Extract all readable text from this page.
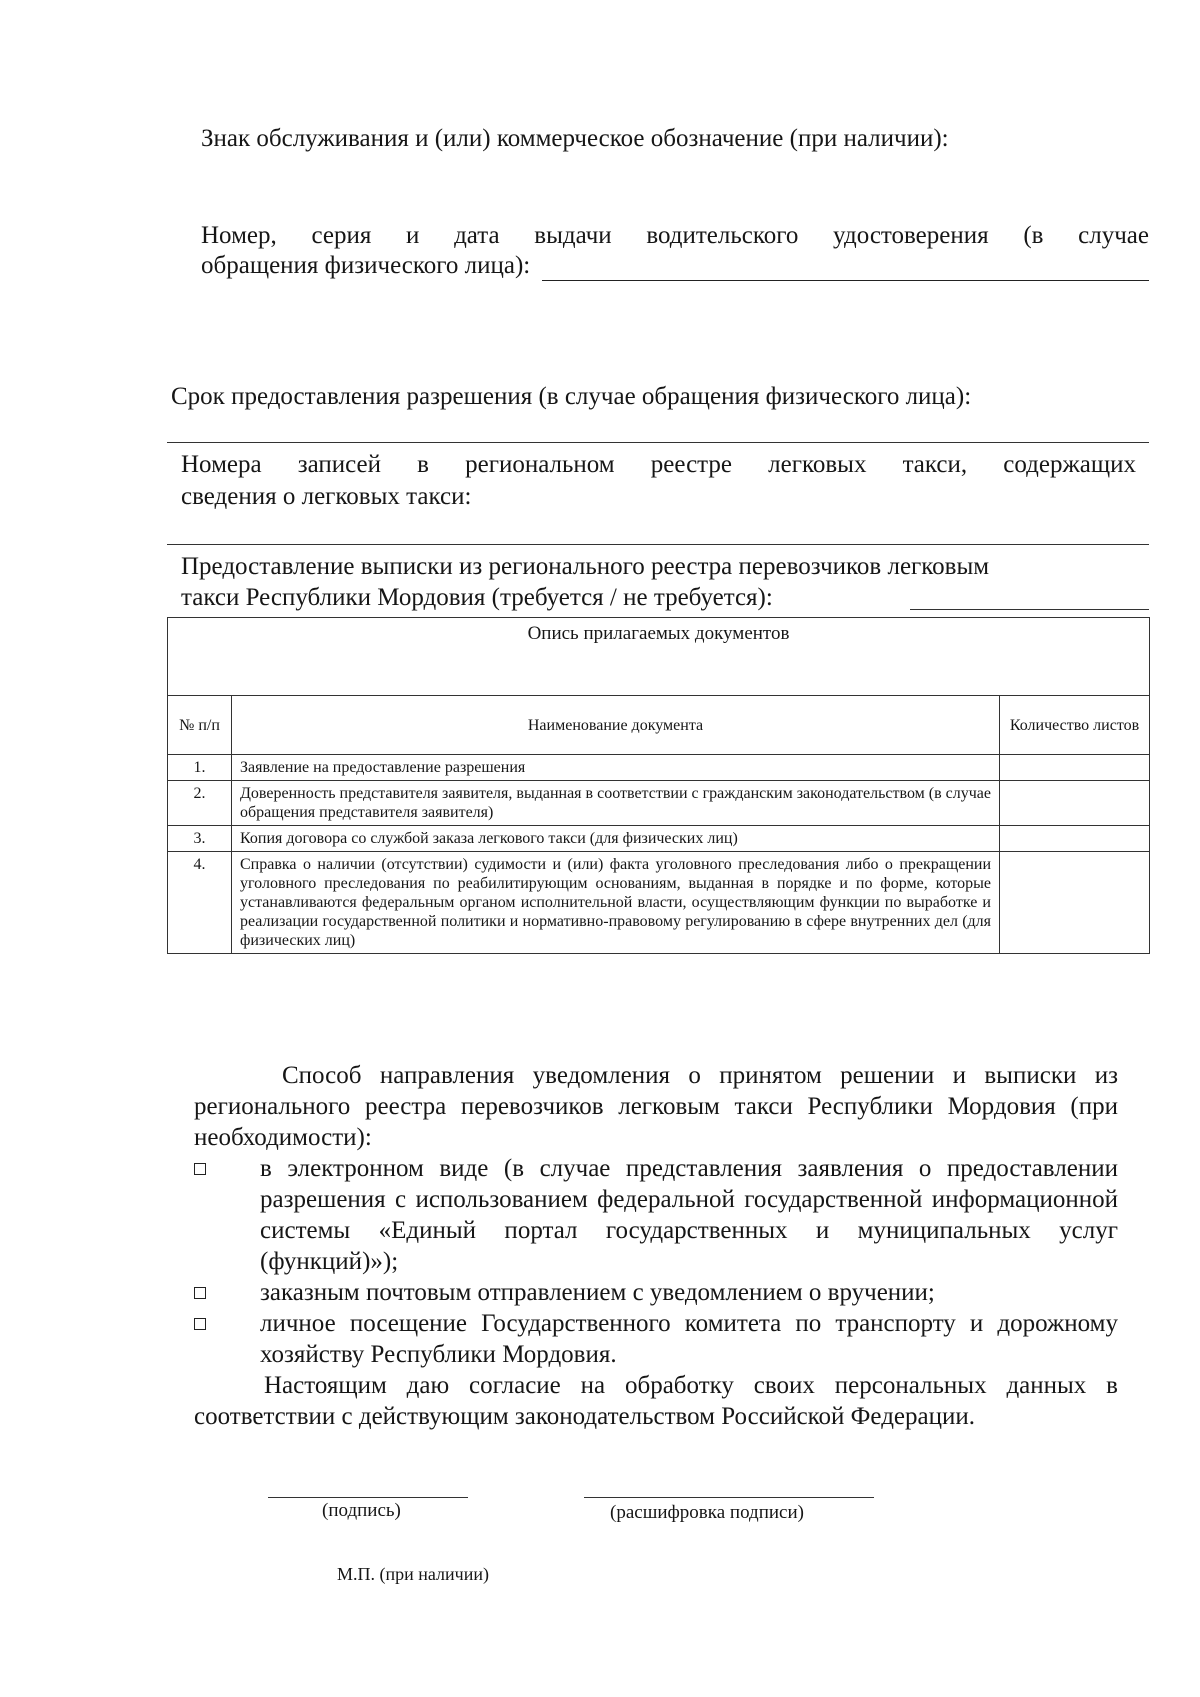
Знак обслуживания и (или) коммерческое обозначение (при наличии):

Номер, серия и дата выдачи водительского удостоверения (в случае

обращения физического лица):

Срок предоставления разрешения (в случае обращения физического лица):

Номера записей в региональном реестре легковых такси, содержащих

сведения о легковых такси:

Предоставление выписки из регионального реестра перевозчиков легковым

такси Республики Мордовия (требуется / не требуется):

Опись прилагаемых документов		
№ п/п	Наименование документа	Количество листов
1.	Заявление на предоставление разрешения	
2.	Доверенность представителя заявителя, выданная в соответствии с гражданским законодательством (в случае обращения представителя заявителя)	
3.	Копия договора со службой заказа легкового такси (для физических лиц)	
4.	Справка о наличии (отсутствии) судимости и (или) факта уголовного преследования либо о прекращении уголовного преследования по реабилитирующим основаниям, выданная в порядке и по форме, которые устанавливаются федеральным органом исполнительной власти, осуществляющим функции по выработке и реализации государственной политики и нормативно-правовому регулированию в сфере внутренних дел (для физических лиц)	

Способ направления уведомления о принятом решении и выписки из регионального реестра перевозчиков легковым такси Республики Мордовия (при необходимости):

в электронном виде (в случае представления заявления о предоставлении разрешения с использованием федеральной государственной информационной системы «Единый портал государственных и муниципальных услуг (функций)»);
заказным почтовым отправлением с уведомлением о вручении;
личное посещение Государственного комитета по транспорту и дорожному хозяйству Республики Мордовия.

Настоящим даю согласие на обработку своих персональных данных в соответствии с действующим законодательством Российской Федерации.

(подпись)	(расшифровка подписи)
М.П. (при наличии)
